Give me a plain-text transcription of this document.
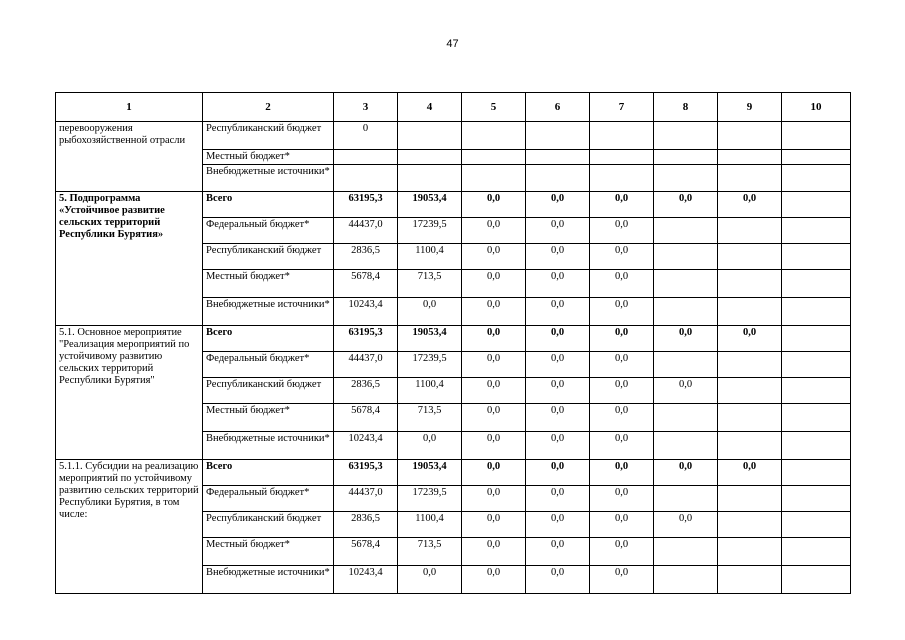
47
1	2	3	4	5	6	7	8	9	10	
перевооружения рыбохозяйственной отрасли	Республиканский бюджет	0								
	Местный бюджет*									
	Внебюджетные источники*									
5. Подпрограмма «Устойчивое развитие сельских территорий Республики Бурятия»	Всего	63195,3	19053,4	0,0	0,0	0,0	0,0	0,0		
	Федеральный бюджет*	44437,0	17239,5	0,0	0,0	0,0				
	Республиканский бюджет	2836,5	1100,4	0,0	0,0	0,0				
	Местный бюджет*	5678,4	713,5	0,0	0,0	0,0				
	Внебюджетные источники*	10243,4	0,0	0,0	0,0	0,0				
5.1. Основное мероприятие "Реализация мероприятий по устойчивому развитию сельских территорий Республики Бурятия"	Всего	63195,3	19053,4	0,0	0,0	0,0	0,0	0,0		
	Федеральный бюджет*	44437,0	17239,5	0,0	0,0	0,0				
	Республиканский бюджет	2836,5	1100,4	0,0	0,0	0,0	0,0			
	Местный бюджет*	5678,4	713,5	0,0	0,0	0,0				
	Внебюджетные источники*	10243,4	0,0	0,0	0,0	0,0				
5.1.1. Субсидии на реализацию мероприятий по устойчивому развитию сельских территорий Республики Бурятия, в том числе:	Всего	63195,3	19053,4	0,0	0,0	0,0	0,0	0,0		
	Федеральный бюджет*	44437,0	17239,5	0,0	0,0	0,0				
	Республиканский бюджет	2836,5	1100,4	0,0	0,0	0,0	0,0			
	Местный бюджет*	5678,4	713,5	0,0	0,0	0,0				
	Внебюджетные источники*	10243,4	0,0	0,0	0,0	0,0				
